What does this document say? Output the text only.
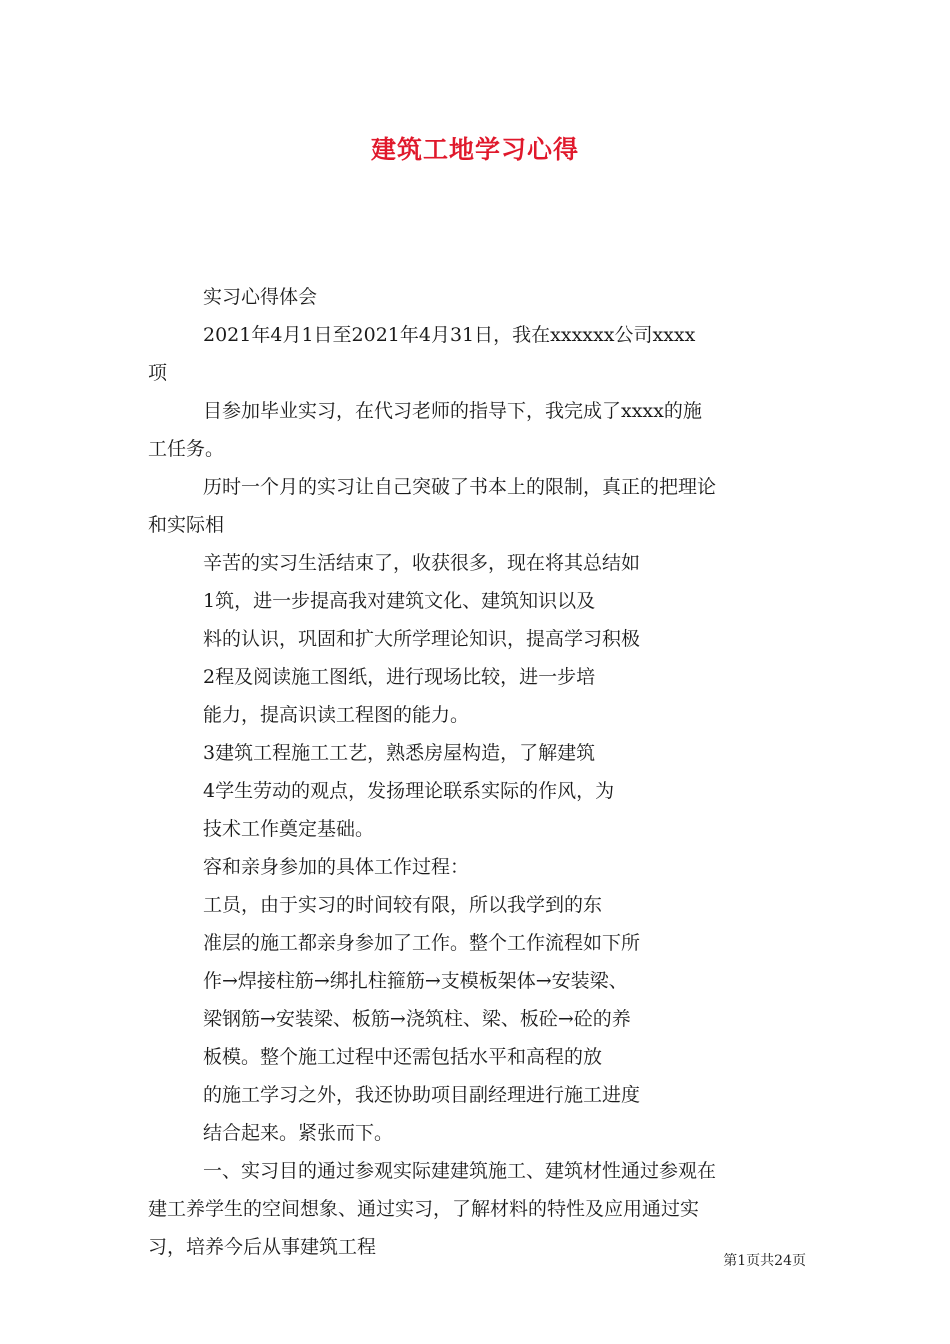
建筑工地学习心得
实习心得体会
2021年4月1日至2021年4月31日，我在xxxxxx公司xxxx
项
目参加毕业实习，在代习老师的指导下，我完成了xxxx的施
工任务。
历时一个月的实习让自己突破了书本上的限制，真正的把理论
和实际相
辛苦的实习生活结束了，收获很多，现在将其总结如
1筑，进一步提高我对建筑文化、建筑知识以及
料的认识，巩固和扩大所学理论知识，提高学习积极
2程及阅读施工图纸，进行现场比较，进一步培
能力，提高识读工程图的能力。
3建筑工程施工工艺，熟悉房屋构造，了解建筑
4学生劳动的观点，发扬理论联系实际的作风，为
技术工作奠定基础。
容和亲身参加的具体工作过程：
工员，由于实习的时间较有限，所以我学到的东
准层的施工都亲身参加了工作。整个工作流程如下所
作→焊接柱筋→绑扎柱箍筋→支模板架体→安装梁、
梁钢筋→安装梁、板筋→浇筑柱、梁、板砼→砼的养
板模。整个施工过程中还需包括水平和高程的放
的施工学习之外，我还协助项目副经理进行施工进度
结合起来。紧张而下。
一、实习目的通过参观实际建建筑施工、建筑材性通过参观在
建工养学生的空间想象、通过实习，了解材料的特性及应用通过实
习，培养今后从事建筑工程
第1页共24页
